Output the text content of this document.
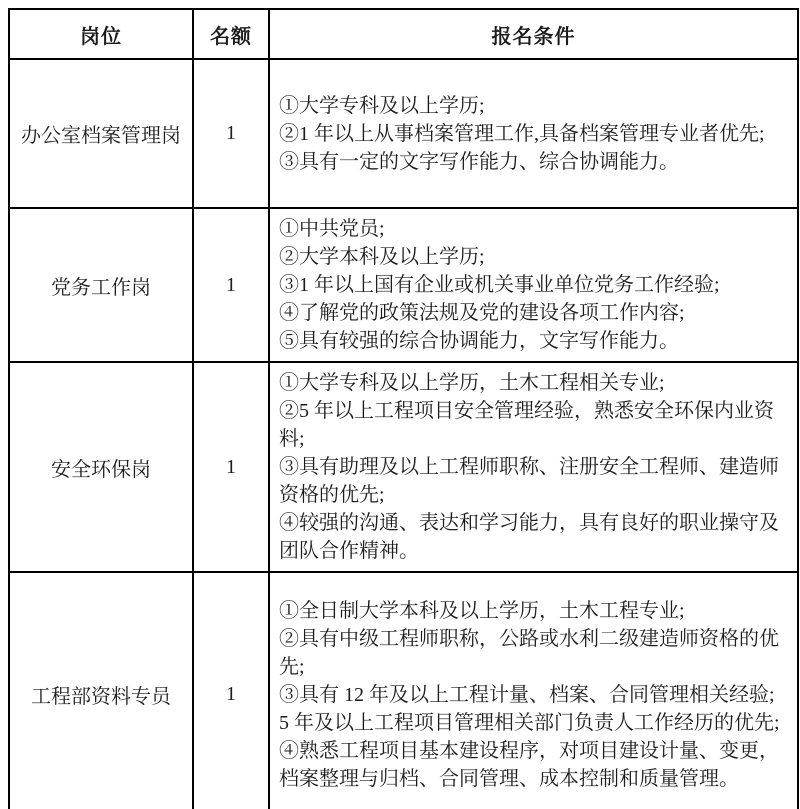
岗位	名额	报名条件
办公室档案管理岗	1	①大学专科及以上学历;
②1 年以上从事档案管理工作,具备档案管理专业者优先;
③具有一定的文字写作能力、综合协调能力。

党务工作岗	1	①中共党员;
②大学本科及以上学历;
③1 年以上国有企业或机关事业单位党务工作经验;
④了解党的政策法规及党的建设各项工作内容;
⑤具有较强的综合协调能力，文字写作能力。

安全环保岗	1	①大学专科及以上学历，土木工程相关专业;
②5 年以上工程项目安全管理经验，熟悉安全环保内业资料;
③具有助理及以上工程师职称、注册安全工程师、建造师资格的优先;
④较强的沟通、表达和学习能力，具有良好的职业操守及团队合作精神。

工程部资料专员	1	①全日制大学本科及以上学历，土木工程专业;
②具有中级工程师职称，公路或水利二级建造师资格的优先;
③具有 12 年及以上工程计量、档案、合同管理相关经验; 5 年及以上工程项目管理相关部门负责人工作经历的优先;
④熟悉工程项目基本建设程序，对项目建设计量、变更，档案整理与归档、合同管理、成本控制和质量管理。
